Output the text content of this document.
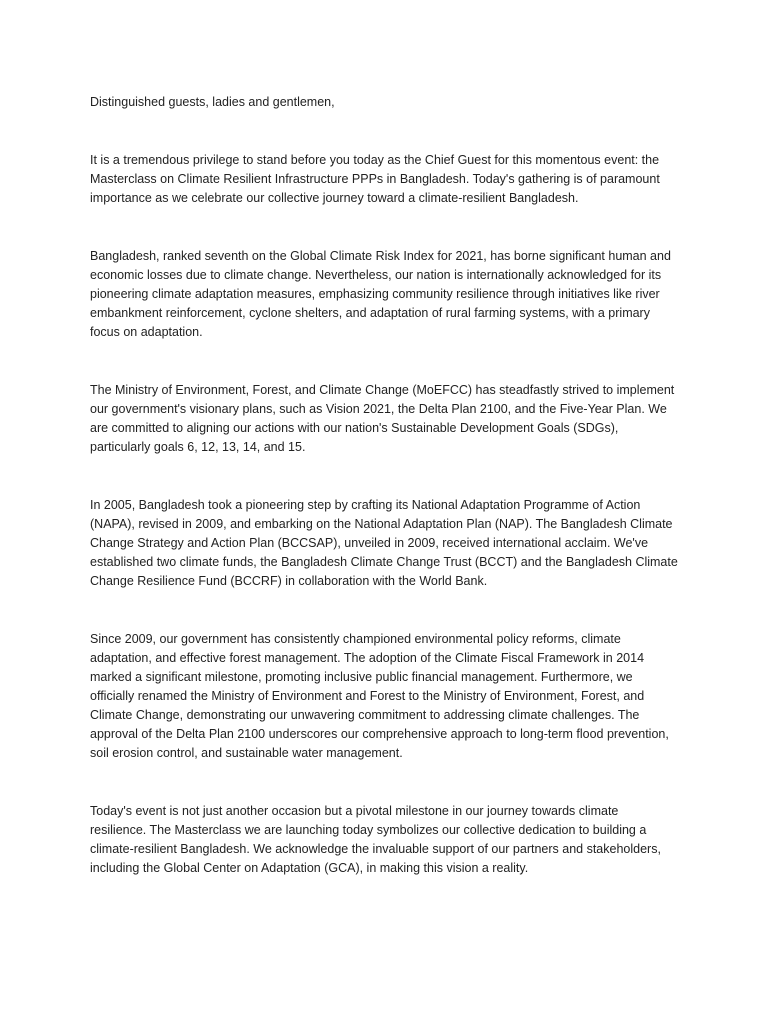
Distinguished guests, ladies and gentlemen,

It is a tremendous privilege to stand before you today as the Chief Guest for this momentous event: the Masterclass on Climate Resilient Infrastructure PPPs in Bangladesh. Today's gathering is of paramount importance as we celebrate our collective journey toward a climate-resilient Bangladesh.

Bangladesh, ranked seventh on the Global Climate Risk Index for 2021, has borne significant human and economic losses due to climate change. Nevertheless, our nation is internationally acknowledged for its pioneering climate adaptation measures, emphasizing community resilience through initiatives like river embankment reinforcement, cyclone shelters, and adaptation of rural farming systems, with a primary focus on adaptation.

The Ministry of Environment, Forest, and Climate Change (MoEFCC) has steadfastly strived to implement our government's visionary plans, such as Vision 2021, the Delta Plan 2100, and the Five-Year Plan. We are committed to aligning our actions with our nation's Sustainable Development Goals (SDGs), particularly goals 6, 12, 13, 14, and 15.

In 2005, Bangladesh took a pioneering step by crafting its National Adaptation Programme of Action (NAPA), revised in 2009, and embarking on the National Adaptation Plan (NAP). The Bangladesh Climate Change Strategy and Action Plan (BCCSAP), unveiled in 2009, received international acclaim. We've established two climate funds, the Bangladesh Climate Change Trust (BCCT) and the Bangladesh Climate Change Resilience Fund (BCCRF) in collaboration with the World Bank.

Since 2009, our government has consistently championed environmental policy reforms, climate adaptation, and effective forest management. The adoption of the Climate Fiscal Framework in 2014 marked a significant milestone, promoting inclusive public financial management. Furthermore, we officially renamed the Ministry of Environment and Forest to the Ministry of Environment, Forest, and Climate Change, demonstrating our unwavering commitment to addressing climate challenges. The approval of the Delta Plan 2100 underscores our comprehensive approach to long-term flood prevention, soil erosion control, and sustainable water management.

Today's event is not just another occasion but a pivotal milestone in our journey towards climate resilience. The Masterclass we are launching today symbolizes our collective dedication to building a climate-resilient Bangladesh. We acknowledge the invaluable support of our partners and stakeholders, including the Global Center on Adaptation (GCA), in making this vision a reality.
